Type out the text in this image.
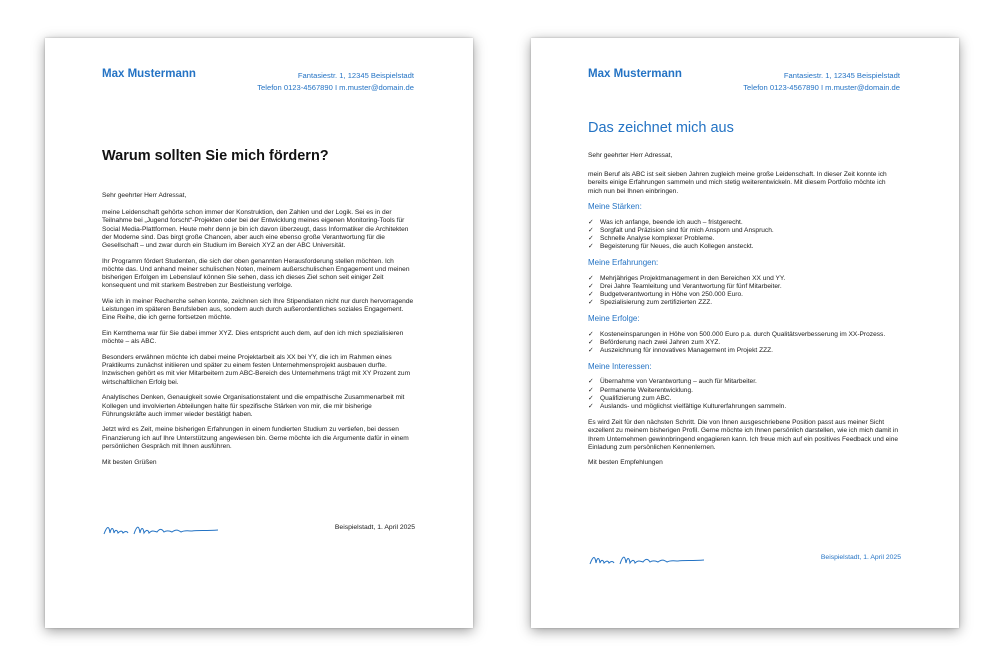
Max Mustermann	Fantasiestr. 1, 12345 Beispielstadt
Telefon 0123-4567890 I m.muster@domain.de
Warum sollten Sie mich fördern?

Sehr geehrter Herr Adressat,

meine Leidenschaft gehörte schon immer der Konstruktion, den Zahlen und der Logik. Sei es in der Teilnahme bei „Jugend forscht“-Projekten oder bei der Entwicklung meines eigenen Monitoring-Tools für Social Media-Plattformen. Heute mehr denn je bin ich davon überzeugt, dass Informatiker die Architekten der Moderne sind. Das birgt große Chancen, aber auch eine ebenso große Verantwortung für die Gesellschaft – und zwar durch ein Studium im Bereich XYZ an der ABC Universität.

Ihr Programm fördert Studenten, die sich der oben genannten Herausforderung stellen möchten. Ich möchte das. Und anhand meiner schulischen Noten, meinem außerschulischen Engagement und meinen bisherigen Erfolgen im Lebenslauf können Sie sehen, dass ich dieses Ziel schon seit einiger Zeit konsequent und mit starkem Bestreben zur Bestleistung verfolge.

Wie ich in meiner Recherche sehen konnte, zeichnen sich Ihre Stipendiaten nicht nur durch hervorragende Leistungen im späteren Berufsleben aus, sondern auch durch außerordentliches soziales Engagement. Eine Reihe, die ich gerne fortsetzen möchte.

Ein Kernthema war für Sie dabei immer XYZ. Dies entspricht auch dem, auf den ich mich spezialisieren möchte – als ABC.

Besonders erwähnen möchte ich dabei meine Projektarbeit als XX bei YY, die ich im Rahmen eines Praktikums zunächst initiieren und später zu einem festen Unternehmensprojekt ausbauen durfte. Inzwischen gehört es mit vier Mitarbeitern zum ABC-Bereich des Unternehmens trägt mit XY Prozent zum wirtschaftlichen Erfolg bei.

Analytisches Denken, Genauigkeit sowie Organisationstalent und die empathische Zusammenarbeit mit Kollegen und involvierten Abteilungen halte für spezifische Stärken von mir, die mir bisherige Führungskräfte auch immer wieder bestätigt haben.

Jetzt wird es Zeit, meine bisherigen Erfahrungen in einem fundierten Studium zu vertiefen, bei dessen Finanzierung ich auf Ihre Unterstützung angewiesen bin. Gerne möchte ich die Argumente dafür in einem persönlichen Gespräch mit Ihnen ausführen.

Mit besten Grüßen

Beispielstadt, 1. April 2025
Max Mustermann	Fantasiestr. 1, 12345 Beispielstadt
Telefon 0123-4567890 I m.muster@domain.de
Das zeichnet mich aus

Sehr geehrter Herr Adressat,

mein Beruf als ABC ist seit sieben Jahren zugleich meine große Leidenschaft. In dieser Zeit konnte ich bereits einige Erfahrungen sammeln und mich stetig weiterentwickeln. Mit diesem Portfolio möchte ich mich nun bei Ihnen einbringen.

Meine Stärken:
✓ Was ich anfange, beende ich auch – fristgerecht.
✓ Sorgfalt und Präzision sind für mich Ansporn und Anspruch.
✓ Schnelle Analyse komplexer Probleme.
✓ Begeisterung für Neues, die auch Kollegen ansteckt.
Meine Erfahrungen:
✓ Mehrjähriges Projektmanagement in den Bereichen XX und YY.
✓ Drei Jahre Teamleitung und Verantwortung für fünf Mitarbeiter.
✓ Budgetverantwortung in Höhe von 250.000 Euro.
✓ Spezialisierung zum zertifizierten ZZZ.
Meine Erfolge:
✓ Kosteneinsparungen in Höhe von 500.000 Euro p.a. durch Qualitätsverbesserung im XX-Prozess.
✓ Beförderung nach zwei Jahren zum XYZ.
✓ Auszeichnung für innovatives Management im Projekt ZZZ.
Meine Interessen:
✓ Übernahme von Verantwortung – auch für Mitarbeiter.
✓ Permanente Weiterentwicklung.
✓ Qualifizierung zum ABC.
✓ Auslands- und möglichst vielfältige Kulturerfahrungen sammeln.

Es wird Zeit für den nächsten Schritt. Die von Ihnen ausgeschriebene Position passt aus meiner Sicht exzellent zu meinem bisherigen Profil. Gerne möchte ich Ihnen persönlich darstellen, wie ich mich damit in Ihrem Unternehmen gewinnbringend engagieren kann. Ich freue mich auf ein positives Feedback und eine Einladung zum persönlichen Kennenlernen.

Mit besten Empfehlungen

Beispielstadt, 1. April 2025
